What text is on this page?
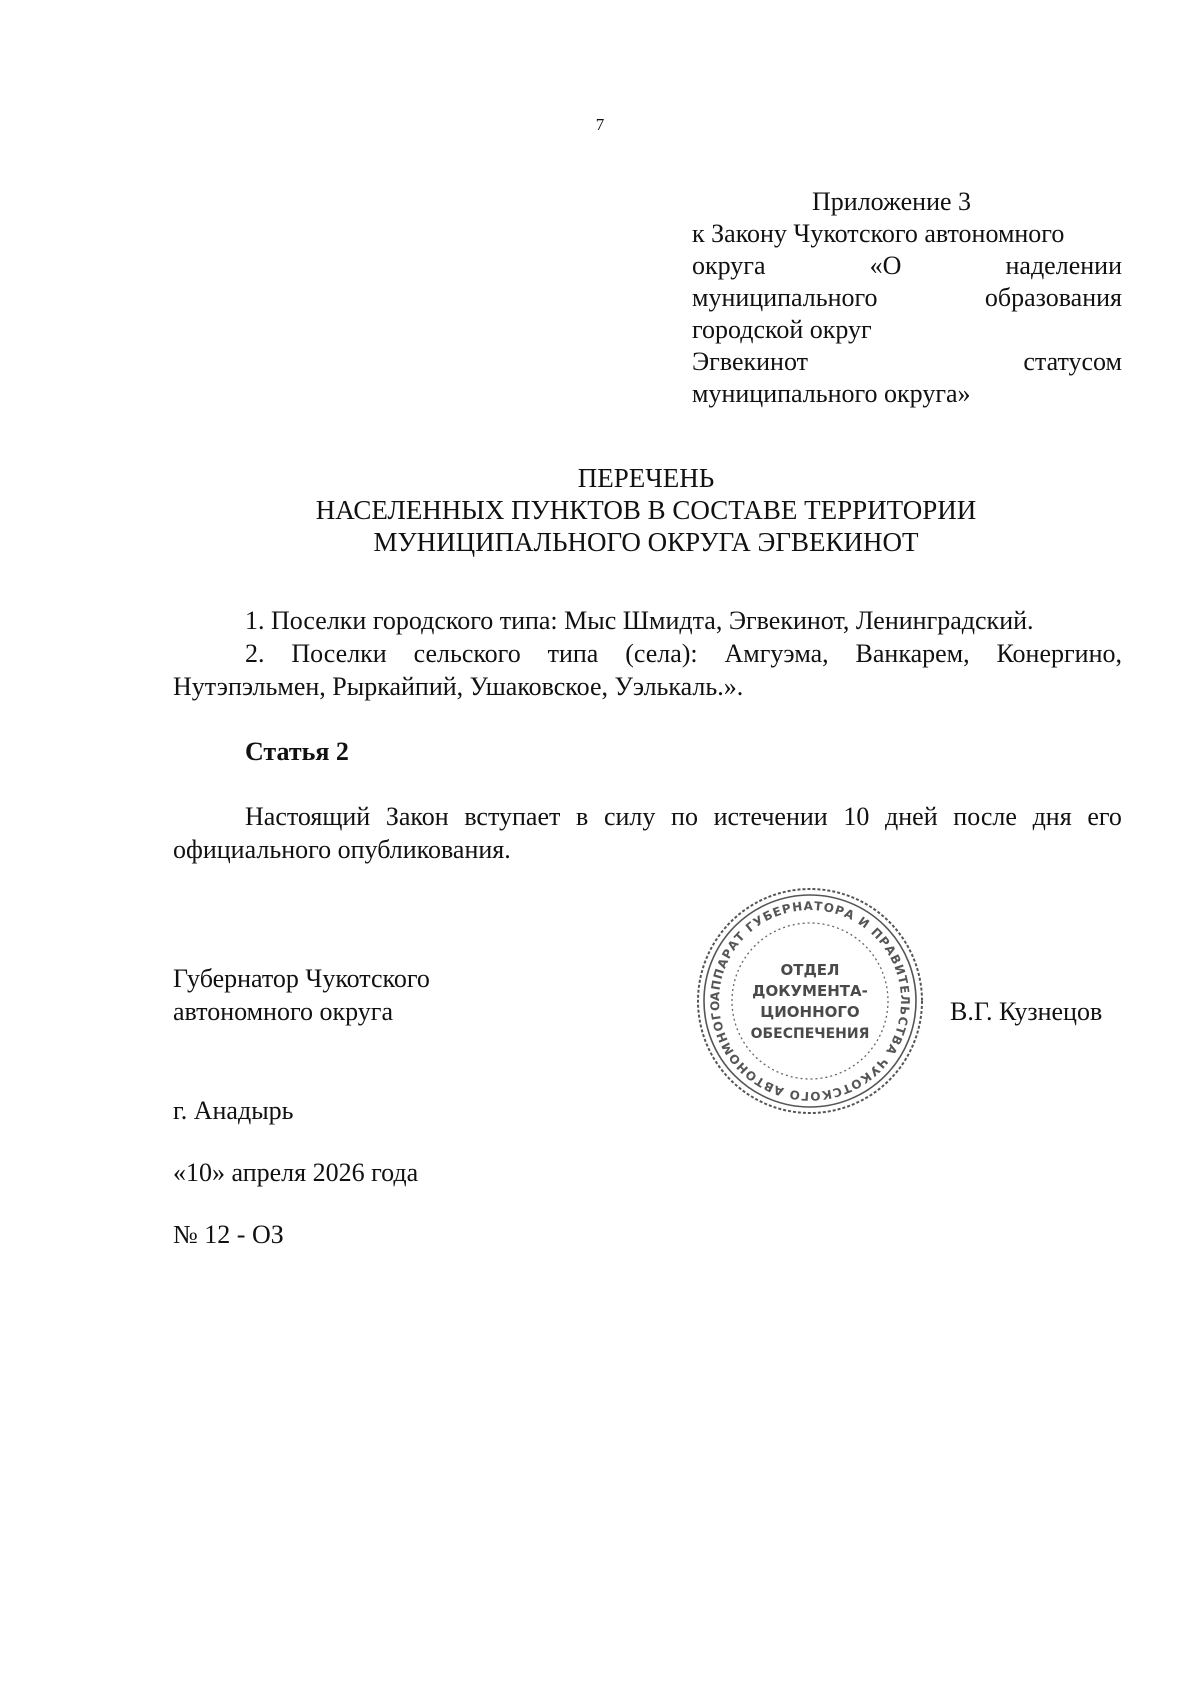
7
Приложение 3
к Закону Чукотского автономного
округа	«О	наделении
муниципального	образования
городской округ
Эгвекинот	статусом
муниципального округа»
ПЕРЕЧЕНЬ
НАСЕЛЕННЫХ ПУНКТОВ В СОСТАВЕ ТЕРРИТОРИИ
МУНИЦИПАЛЬНОГО ОКРУГА ЭГВЕКИНОТ
1. Поселки городского типа: Мыс Шмидта, Эгвекинот, Ленинградский.
2. Поселки сельского типа (села): Амгуэма, Ванкарем, Конергино,
Нутэпэльмен, Рыркайпий, Ушаковское, Уэлькаль.».
Статья 2
Настоящий Закон вступает в силу по истечении 10 дней после дня его
официального опубликования.
Губернатор Чукотского
автономного округа
АППАРАТ ГУБЕРНАТОРА И ПРАВИТЕЛЬСТВА ЧУКОТСКОГО АВТОНОМНОГО
ОТДЕЛ
ДОКУМЕНТА-
ЦИОННОГО
ОБЕСПЕЧЕНИЯ
В.Г. Кузнецов
г. Анадырь
«10» апреля 2026 года
№ 12 - ОЗ
